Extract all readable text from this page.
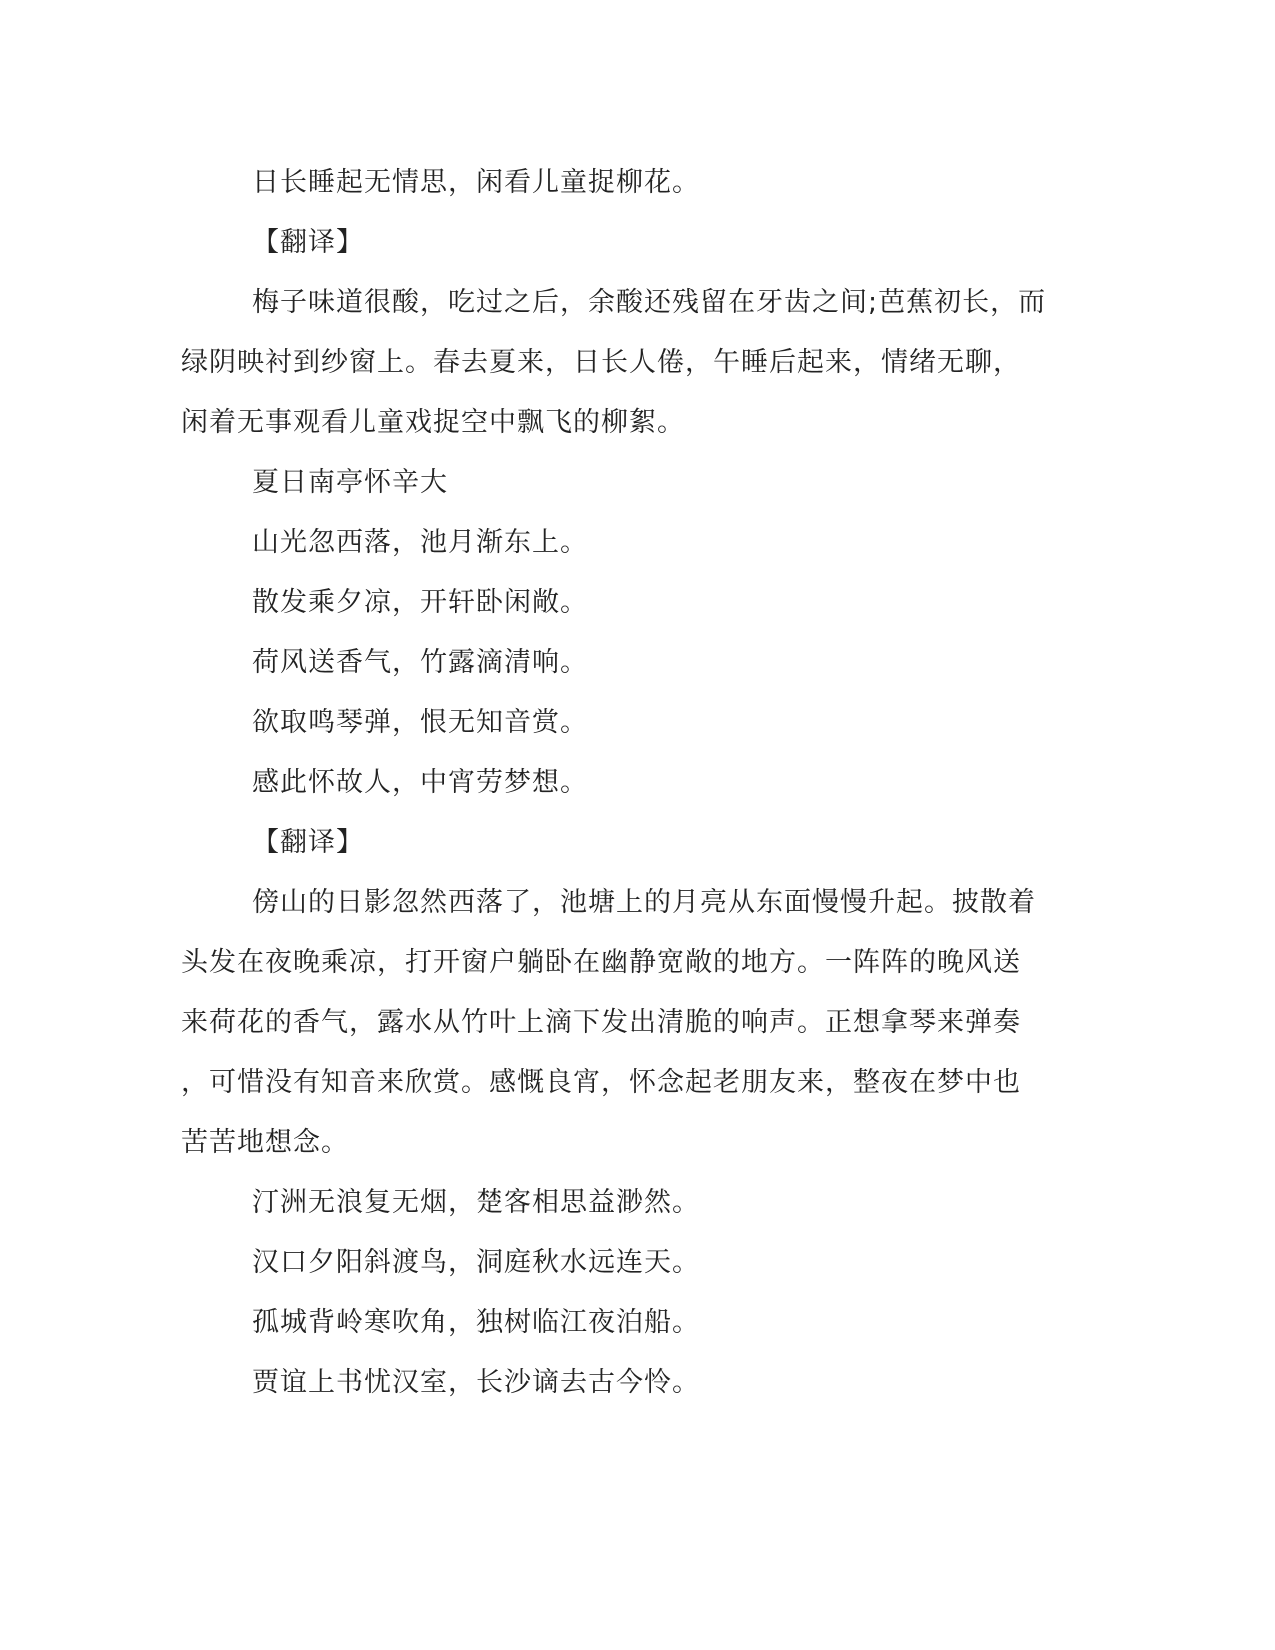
日长睡起无情思，闲看儿童捉柳花。
【翻译】
梅子味道很酸，吃过之后，余酸还残留在牙齿之间;芭蕉初长，而
绿阴映衬到纱窗上。春去夏来，日长人倦，午睡后起来，情绪无聊，
闲着无事观看儿童戏捉空中飘飞的柳絮。
夏日南亭怀辛大
山光忽西落，池月渐东上。
散发乘夕凉，开轩卧闲敞。
荷风送香气，竹露滴清响。
欲取鸣琴弹，恨无知音赏。
感此怀故人，中宵劳梦想。
【翻译】
傍山的日影忽然西落了，池塘上的月亮从东面慢慢升起。披散着
头发在夜晚乘凉，打开窗户躺卧在幽静宽敞的地方。一阵阵的晚风送
来荷花的香气，露水从竹叶上滴下发出清脆的响声。正想拿琴来弹奏
，可惜没有知音来欣赏。感慨良宵，怀念起老朋友来，整夜在梦中也
苦苦地想念。
汀洲无浪复无烟，楚客相思益渺然。
汉口夕阳斜渡鸟，洞庭秋水远连天。
孤城背岭寒吹角，独树临江夜泊船。
贾谊上书忧汉室，长沙谪去古今怜。
